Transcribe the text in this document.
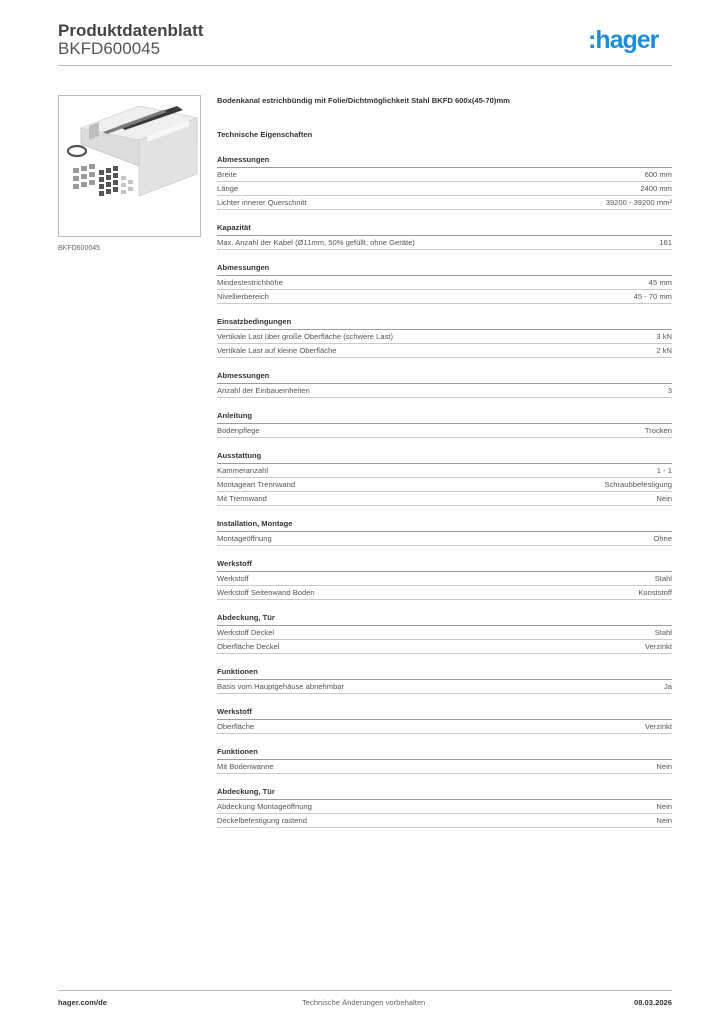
Produktdatenblatt
BKFD600045	:hager
BKFD600045
Bodenkanal estrichbündig mit Folie/Dichtmöglichkeit Stahl BKFD 600x(45-70)mm
Technische Eigenschaften
Abmessungen
Breite	600 mm
Länge	2400 mm
Lichter innerer Querschnitt	39200 - 39200 mm²
Kapazität
Max. Anzahl der Kabel (Ø11mm, 50% gefüllt, ohne Geräte)	161
Abmessungen
Mindestestrichhöhe	45 mm
Nivellierbereich	45 - 70 mm
Einsatzbedingungen
Vertikale Last über große Oberfläche (schwere Last)	3 kN
Vertikale Last auf kleine Oberfläche	2 kN
Abmessungen
Anzahl der Einbaueinheiten	3
Anleitung
Bodenpflege	Trocken
Ausstattung
Kammeranzahl	1 - 1
Montageart Trennwand	Schraubbefestigung
Mit Trennwand	Nein
Installation, Montage
Montageöffnung	Ohne
Werkstoff
Werkstoff	Stahl
Werkstoff Seitenwand Boden	Kunststoff
Abdeckung, Tür
Werkstoff Deckel	Stahl
Oberfläche Deckel	Verzinkt
Funktionen
Basis vom Hauptgehäuse abnehmbar	Ja
Werkstoff
Oberfläche	Verzinkt
Funktionen
Mit Bodenwanne	Nein
Abdeckung, Tür
Abdeckung Montageöffnung	Nein
Deckelbefestigung rastend	Nein
hager.com/de	Technische Änderungen vorbehalten	08.03.2026
